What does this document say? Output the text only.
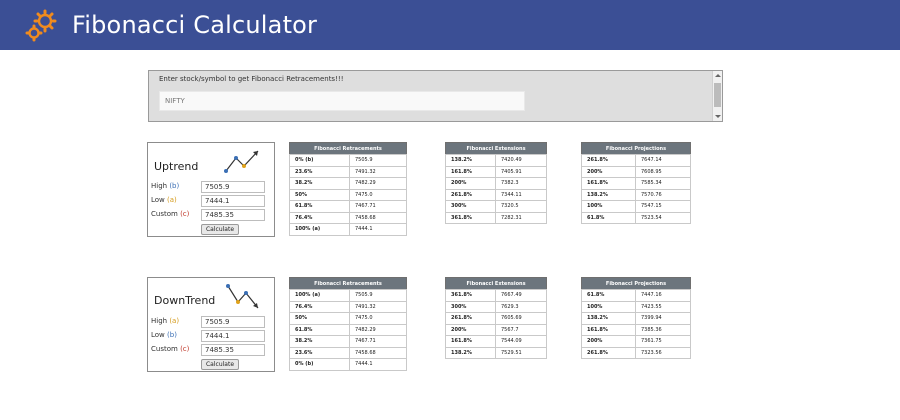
Fibonacci Calculator
Enter stock/symbol to get Fibonacci Retracements!!!
NIFTY
Uptrend
High (b)
7505.9
Low (a)
7444.1
Custom (c)
7485.35
Calculate
Fibonacci Retracements	
0% (b)	7505.9
23.6%	7491.32
38.2%	7482.29
50%	7475.0
61.8%	7467.71
76.4%	7458.68
100% (a)	7444.1
Fibonacci Extensions	
138.2%	7420.49
161.8%	7405.91
200%	7382.3
261.8%	7344.11
300%	7320.5
361.8%	7282.31
Fibonacci Projections	
261.8%	7647.14
200%	7608.95
161.8%	7585.34
138.2%	7570.76
100%	7547.15
61.8%	7523.54
DownTrend
High (a)
7505.9
Low (b)
7444.1
Custom (c)
7485.35
Calculate
Fibonacci Retracements	
100% (a)	7505.9
76.4%	7491.32
50%	7475.0
61.8%	7482.29
38.2%	7467.71
23.6%	7458.68
0% (b)	7444.1
Fibonacci Extensions	
361.8%	7667.49
300%	7629.3
261.8%	7605.69
200%	7567.7
161.8%	7544.09
138.2%	7529.51
Fibonacci Projections	
61.8%	7447.16
100%	7423.55
138.2%	7399.94
161.8%	7385.36
200%	7361.75
261.8%	7323.56
